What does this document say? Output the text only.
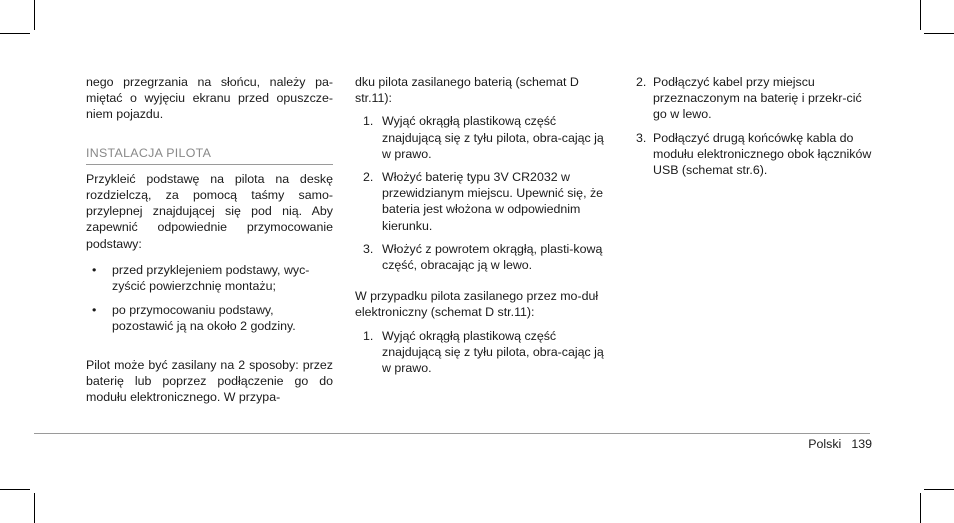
nego przegrzania na słońcu, należy pa-miętać o wyjęciu ekranu przed opuszcze-niem pojazdu.

INSTALACJA PILOTA

Przykleić podstawę na pilota na deskę rozdzielczą, za pomocą taśmy samo-przylepnej znajdującej się pod nią. Aby zapewnić odpowiednie przymocowanie podstawy:

• przed przyklejeniem podstawy, wyc-zyścić powierzchnię montażu;
• po przymocowaniu podstawy, pozostawić ją na około 2 godziny.

Pilot może być zasilany na 2 sposoby: przez baterię lub poprzez podłączenie go do modułu elektronicznego. W przypa-

dku pilota zasilanego baterią (schemat D str.11):

1. Wyjąć okrągłą plastikową część znajdującą się z tyłu pilota, obra-cając ją w prawo.
2. Włożyć baterię typu 3V CR2032 w przewidzianym miejscu. Upewnić się, że bateria jest włożona w odpowiednim kierunku.
3. Włożyć z powrotem okrągłą, plasti-kową część, obracając ją w lewo.

W przypadku pilota zasilanego przez mo-duł elektroniczny (schemat D str.11):

1. Wyjąć okrągłą plastikową część znajdującą się z tyłu pilota, obra-cając ją w prawo.
2. Podłączyć kabel przy miejscu przeznaczonym na baterię i przekr-cić go w lewo.
3. Podłączyć drugą końcówkę kabla do modułu elektronicznego obok łączników USB (schemat str.6).
Polski 139
